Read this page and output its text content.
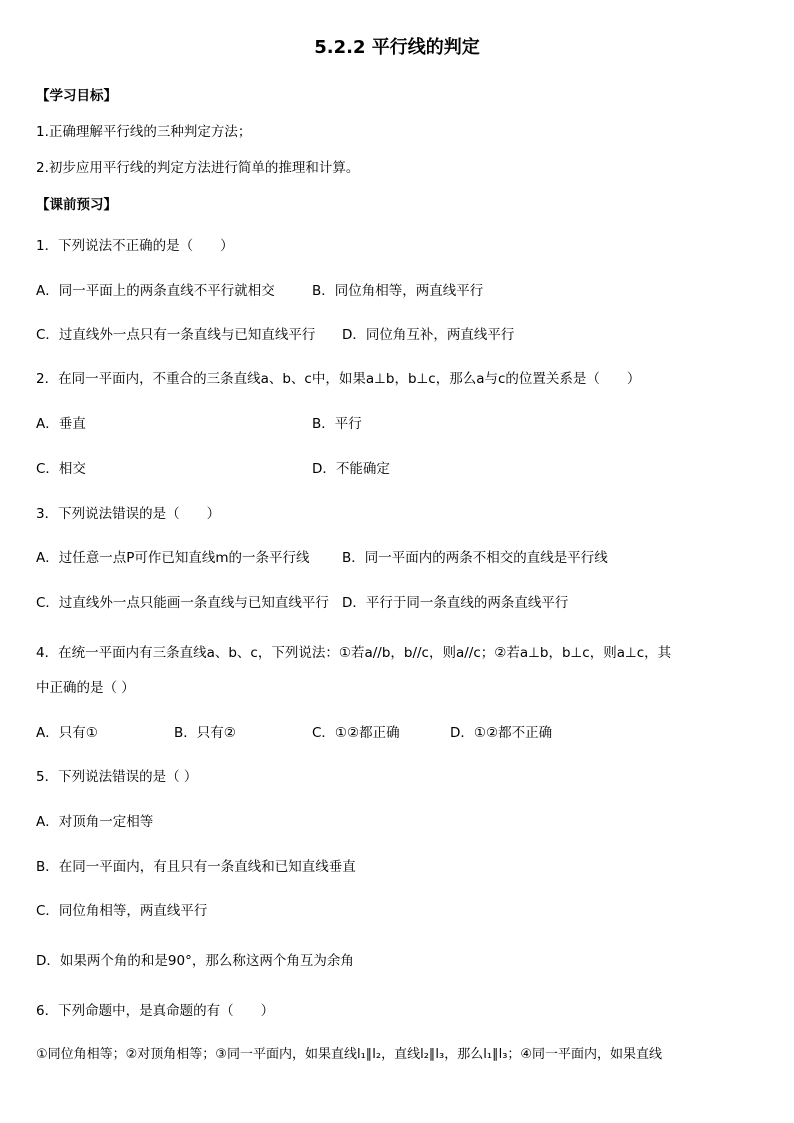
5.2.2 平行线的判定
【学习目标】
1.正确理解平行线的三种判定方法；
2.初步应用平行线的判定方法进行简单的推理和计算。
【课前预习】
1．下列说法不正确的是（　　）
A．同一平面上的两条直线不平行就相交	B．同位角相等，两直线平行
C．过直线外一点只有一条直线与已知直线平行 D．同位角互补，两直线平行
2．在同一平面内，不重合的三条直线a、b、c中，如果a⊥b，b⊥c，那么a与c的位置关系是（　　）
A．垂直	B．平行
C．相交	D．不能确定
3．下列说法错误的是（　　）
A．过任意一点P可作已知直线m的一条平行线 B．同一平面内的两条不相交的直线是平行线
C．过直线外一点只能画一条直线与已知直线平行 D．平行于同一条直线的两条直线平行
4．在统一平面内有三条直线a、b、c，下列说法：①若a//b，b//c，则a//c；②若a⊥b，b⊥c，则a⊥c，其
中正确的是（ ）
A．只有①	B．只有②	C．①②都正确	D．①②都不正确
5．下列说法错误的是（ ）
A．对顶角一定相等
B．在同一平面内，有且只有一条直线和已知直线垂直
C．同位角相等，两直线平行
D．如果两个角的和是90°，那么称这两个角互为余角
6．下列命题中，是真命题的有（　　）
①同位角相等；②对顶角相等；③同一平面内，如果直线l₁∥l₂，直线l₂∥l₃，那么l₁∥l₃；④同一平面内，如果直线
